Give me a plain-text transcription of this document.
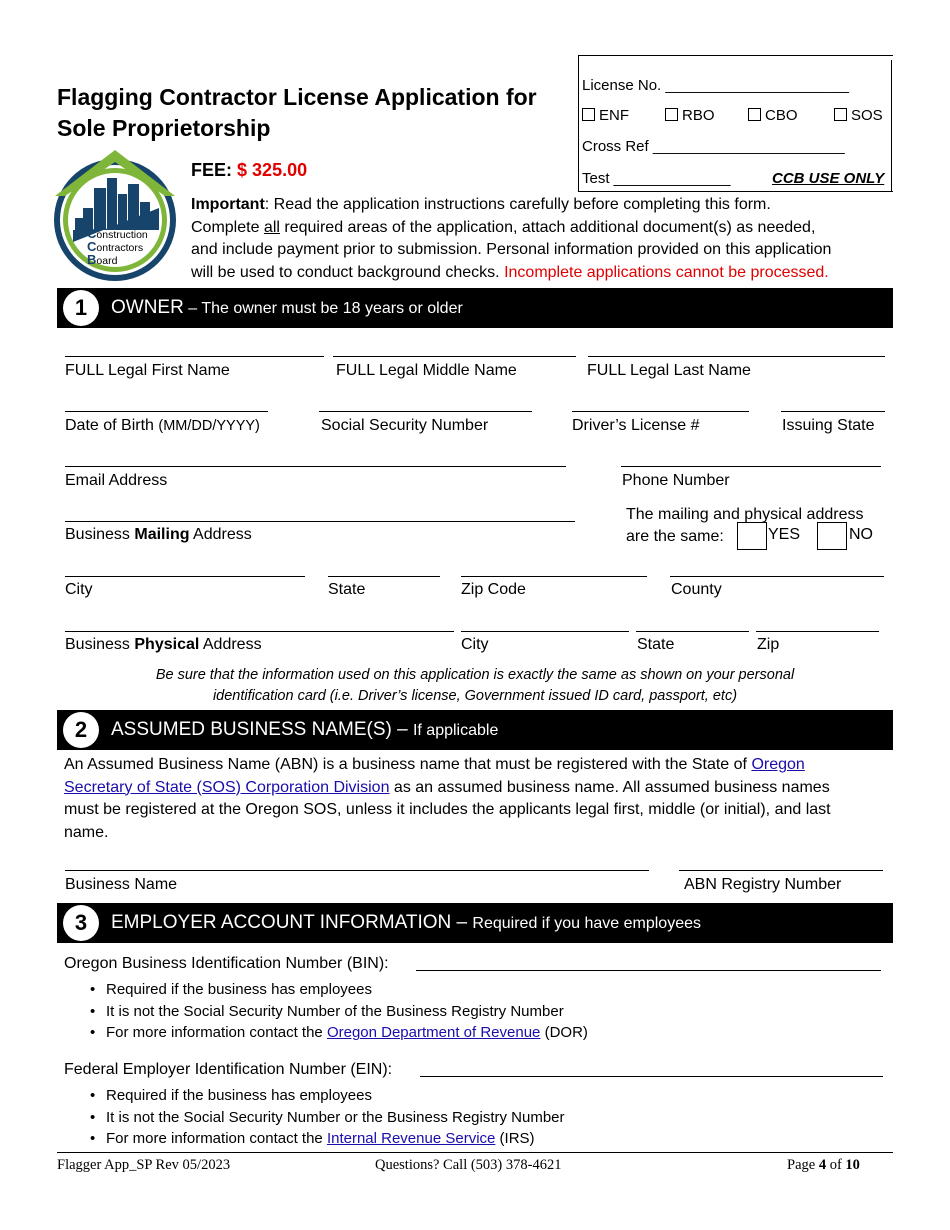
Flagging Contractor License Application for
Sole Proprietorship
License No. ______________________
ENF	RBO	CBO	SOS
Cross Ref _______________________
Test ______________	CCB USE ONLY
Construction
Contractors
Board
FEE: $ 325.00
Important: Read the application instructions carefully before completing this form.
Complete all required areas of the application, attach additional document(s) as needed,
and include payment prior to submission. Personal information provided on this application
will be used to conduct background checks. Incomplete applications cannot be processed.
1	OWNER – The owner must be 18 years or older
FULL Legal First Name	FULL Legal Middle Name	FULL Legal Last Name
Date of Birth (MM/DD/YYYY)	Social Security Number	Driver’s License #	Issuing State
Email Address	Phone Number
Business Mailing Address
The mailing and physical address
are the same:	YES	NO
City	State	Zip Code	County
Business Physical Address	City	State	Zip
Be sure that the information used on this application is exactly the same as shown on your personal
identification card (i.e. Driver’s license, Government issued ID card, passport, etc)
2	ASSUMED BUSINESS NAME(S) – If applicable
An Assumed Business Name (ABN) is a business name that must be registered with the State of Oregon
Secretary of State (SOS) Corporation Division as an assumed business name. All assumed business names
must be registered at the Oregon SOS, unless it includes the applicants legal first, middle (or initial), and last
name.
Business Name	ABN Registry Number
3	EMPLOYER ACCOUNT INFORMATION – Required if you have employees
Oregon Business Identification Number (BIN):
• Required if the business has employees
• It is not the Social Security Number of the Business Registry Number
• For more information contact the Oregon Department of Revenue (DOR)
Federal Employer Identification Number (EIN):
• Required if the business has employees
• It is not the Social Security Number or the Business Registry Number
• For more information contact the Internal Revenue Service (IRS)
Flagger App_SP Rev 05/2023	Questions? Call (503) 378-4621	Page 4 of 10
